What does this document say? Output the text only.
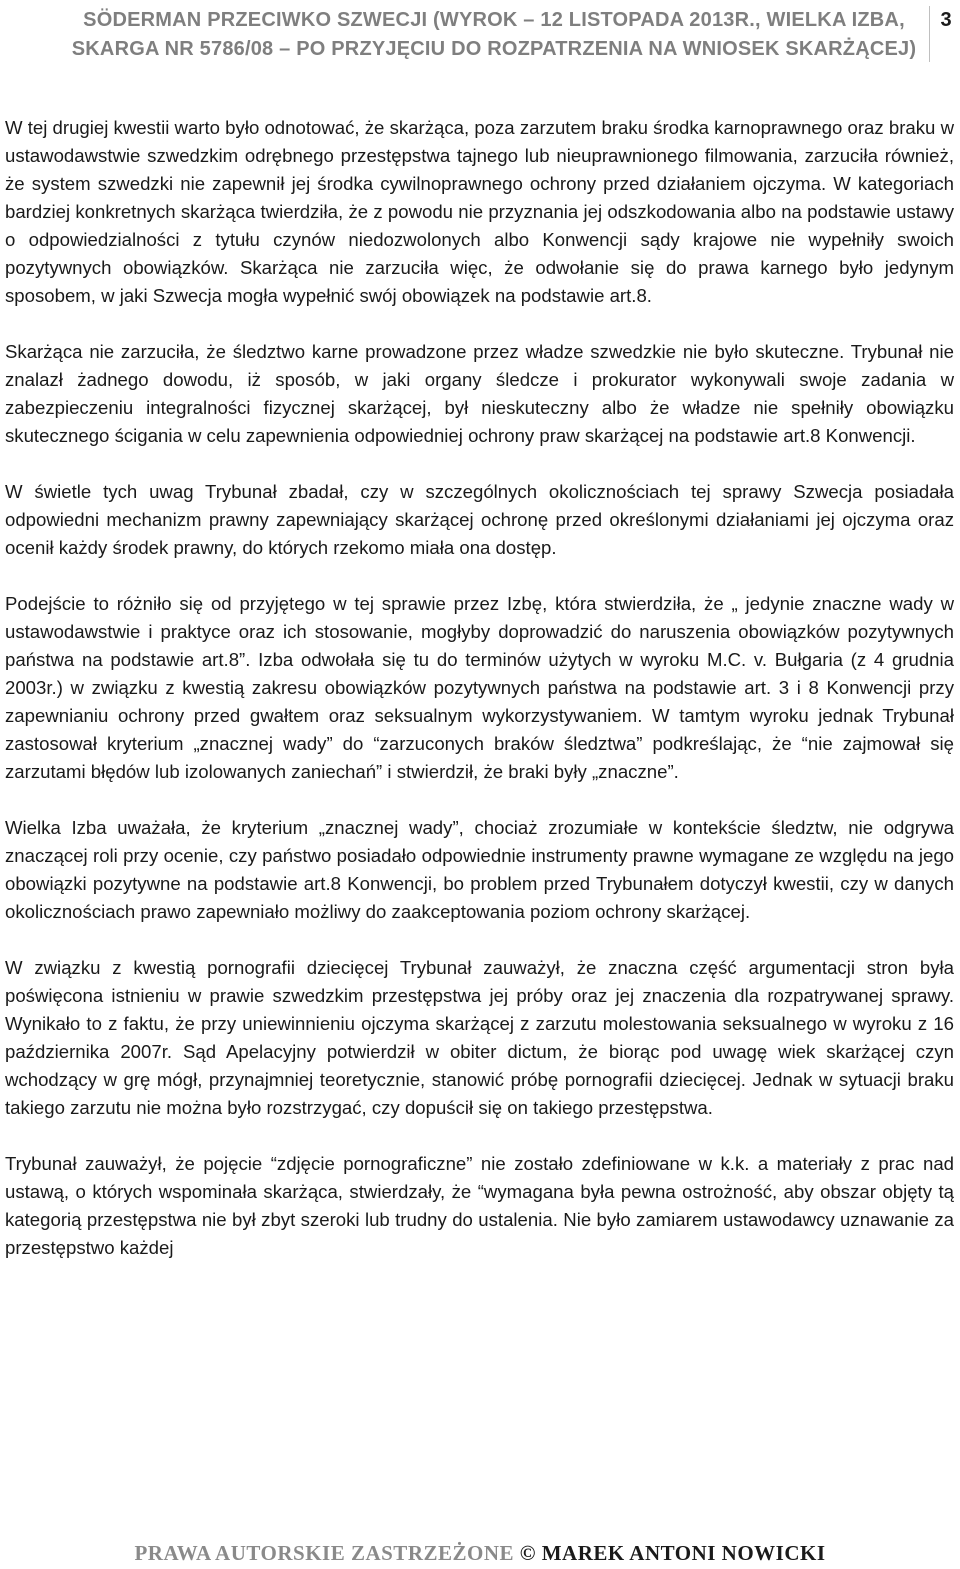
SÖDERMAN PRZECIWKO SZWECJI (WYROK – 12 LISTOPADA 2013R., WIELKA IZBA,
SKARGA NR 5786/08 – PO PRZYJĘCIU DO ROZPATRZENIA NA WNIOSEK SKARŻĄCEJ)
3

W tej drugiej kwestii warto było odnotować, że skarżąca, poza zarzutem braku środka karnoprawnego oraz braku w ustawodawstwie szwedzkim odrębnego przestępstwa tajnego lub nieuprawnionego filmowania, zarzuciła również, że system szwedzki nie zapewnił jej środka cywilnoprawnego ochrony przed działaniem ojczyma. W kategoriach bardziej konkretnych skarżąca twierdziła, że z powodu nie przyznania jej odszkodowania albo na podstawie ustawy o odpowiedzialności z tytułu czynów niedozwolonych albo Konwencji sądy krajowe nie wypełniły swoich pozytywnych obowiązków. Skarżąca nie zarzuciła więc, że odwołanie się do prawa karnego było jedynym sposobem, w jaki Szwecja mogła wypełnić swój obowiązek na podstawie art.8.

Skarżąca nie zarzuciła, że śledztwo karne prowadzone przez władze szwedzkie nie było skuteczne. Trybunał nie znalazł żadnego dowodu, iż sposób, w jaki organy śledcze i prokurator wykonywali swoje zadania w zabezpieczeniu integralności fizycznej skarżącej, był nieskuteczny albo że władze nie spełniły obowiązku skutecznego ścigania w celu zapewnienia odpowiedniej ochrony praw skarżącej na podstawie art.8 Konwencji.

W świetle tych uwag Trybunał zbadał, czy w szczególnych okolicznościach tej sprawy Szwecja posiadała odpowiedni mechanizm prawny zapewniający skarżącej ochronę przed określonymi działaniami jej ojczyma oraz ocenił każdy środek prawny, do których rzekomo miała ona dostęp.

Podejście to różniło się od przyjętego w tej sprawie przez Izbę, która stwierdziła, że „ jedynie znaczne wady w ustawodawstwie i praktyce oraz ich stosowanie, mogłyby doprowadzić do naruszenia obowiązków pozytywnych państwa na podstawie art.8”. Izba odwołała się tu do terminów użytych w wyroku M.C. v. Bułgaria (z 4 grudnia 2003r.) w związku z kwestią zakresu obowiązków pozytywnych państwa na podstawie art. 3 i 8 Konwencji przy zapewnianiu ochrony przed gwałtem oraz seksualnym wykorzystywaniem. W tamtym wyroku jednak Trybunał zastosował kryterium „znacznej wady” do “zarzuconych braków śledztwa” podkreślając, że “nie zajmował się zarzutami błędów lub izolowanych zaniechań” i stwierdził, że braki były „znaczne”.

Wielka Izba uważała, że kryterium „znacznej wady”, chociaż zrozumiałe w kontekście śledztw, nie odgrywa znaczącej roli przy ocenie, czy państwo posiadało odpowiednie instrumenty prawne wymagane ze względu na jego obowiązki pozytywne na podstawie art.8 Konwencji, bo problem przed Trybunałem dotyczył kwestii, czy w danych okolicznościach prawo zapewniało możliwy do zaakceptowania poziom ochrony skarżącej.

W związku z kwestią pornografii dziecięcej Trybunał zauważył, że znaczna część argumentacji stron była poświęcona istnieniu w prawie szwedzkim przestępstwa jej próby oraz jej znaczenia dla rozpatrywanej sprawy. Wynikało to z faktu, że przy uniewinnieniu ojczyma skarżącej z zarzutu molestowania seksualnego w wyroku z 16 października 2007r. Sąd Apelacyjny potwierdził w obiter dictum, że biorąc pod uwagę wiek skarżącej czyn wchodzący w grę mógł, przynajmniej teoretycznie, stanowić próbę pornografii dziecięcej. Jednak w sytuacji braku takiego zarzutu nie można było rozstrzygać, czy dopuścił się on takiego przestępstwa.

Trybunał zauważył, że pojęcie “zdjęcie pornograficzne” nie zostało zdefiniowane w k.k. a materiały z prac nad ustawą, o których wspominała skarżąca, stwierdzały, że “wymagana była pewna ostrożność, aby obszar objęty tą kategorią przestępstwa nie był zbyt szeroki lub trudny do ustalenia. Nie było zamiarem ustawodawcy uznawanie za przestępstwo każdej

PRAWA AUTORSKIE ZASTRZEŻONE © MAREK ANTONI NOWICKI
